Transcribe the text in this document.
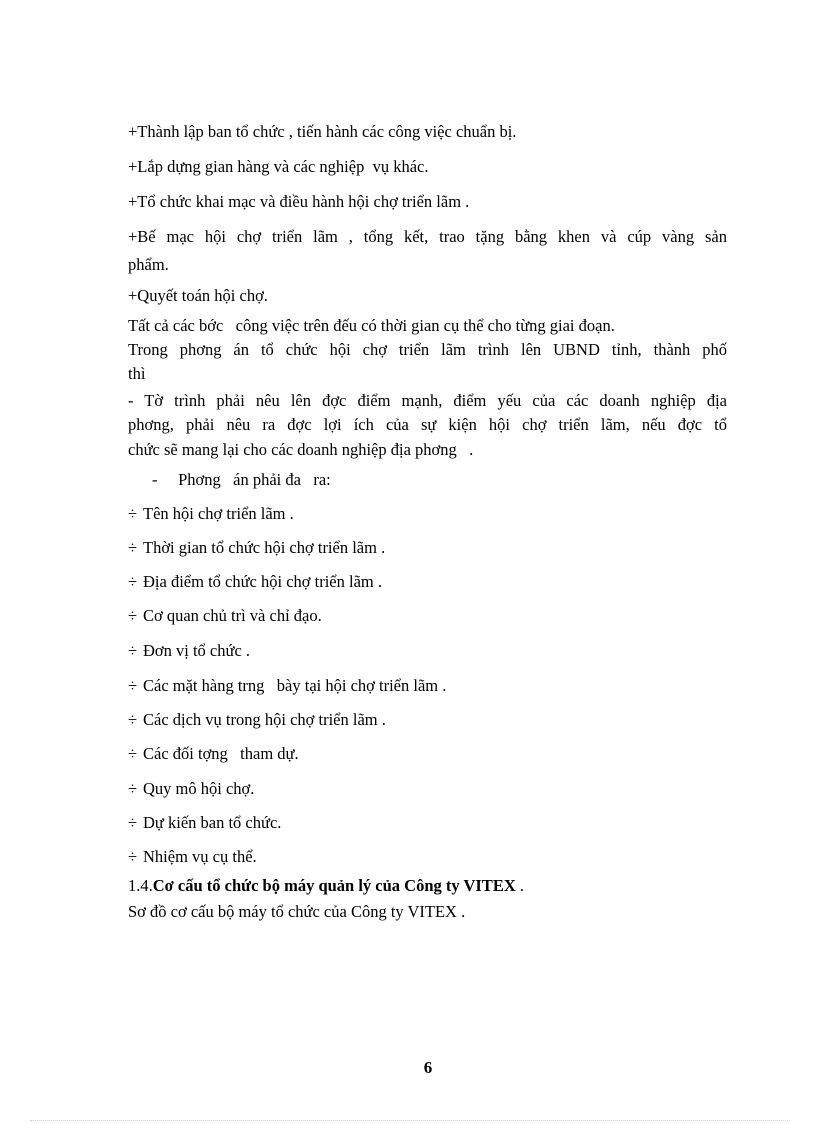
+Thành lập ban tổ chức , tiến hành các công việc chuẩn bị.
+Lắp dựng gian hàng và các nghiệp  vụ khác.
+Tổ chức khai mạc và điều hành hội chợ triển lãm .
+Bế mạc hội chợ triển lãm , tổng kết, trao tặng bằng khen và cúp vàng sản
phẩm.
+Quyết toán hội chợ.
Tất cả các bớc   công việc trên đếu có thời gian cụ thể cho từng giai đoạn.
Trong phơng án tổ chức hội chợ triển lãm trình lên UBND tỉnh, thành phố
thì
- Tờ trình phải nêu lên đợc điểm mạnh, điểm yếu của các doanh nghiệp địa
phơng, phải nêu ra đợc lợi ích của sự kiện hội chợ triển lãm, nếu đợc tổ
chức sẽ mang lại cho các doanh nghiệp địa phơng   .
-     Phơng   án phải đa   ra:
÷ Tên hội chợ triển lãm .
÷ Thời gian tổ chức hội chợ triển lãm .
÷ Địa điểm tổ chức hội chợ triển lãm .
÷ Cơ quan chủ trì và chỉ đạo.
÷ Đơn vị tổ chức .
÷ Các mặt hàng trng   bày tại hội chợ triển lãm .
÷ Các dịch vụ trong hội chợ triển lãm .
÷ Các đối tợng   tham dự.
÷ Quy mô hội chợ.
÷ Dự kiến ban tổ chức.
÷ Nhiệm vụ cụ thể.
1.4.Cơ cấu tổ chức bộ máy quản lý của Công ty VITEX .
Sơ đồ cơ cấu bộ máy tổ chức của Công ty VITEX .
6
